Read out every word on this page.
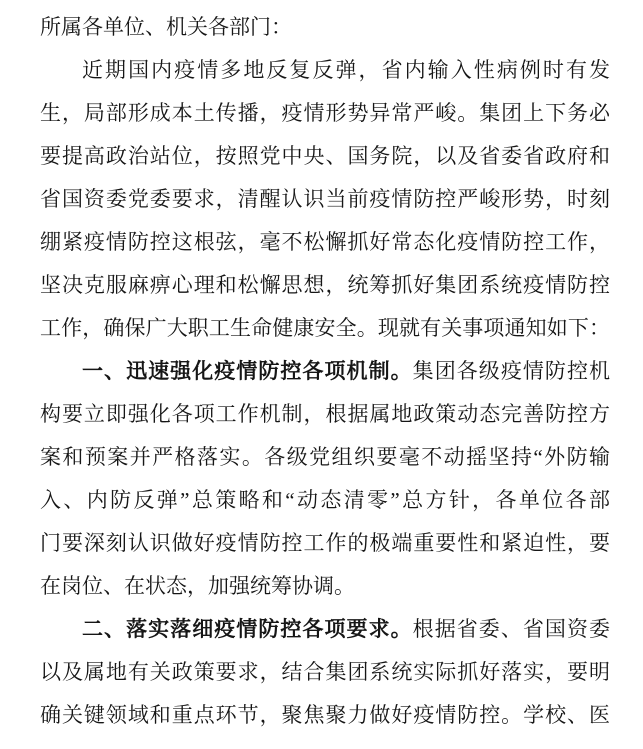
所属各单位、机关各部门：
近期国内疫情多地反复反弹，省内输入性病例时有发
生，局部形成本土传播，疫情形势异常严峻。集团上下务必
要提高政治站位，按照党中央、国务院，以及省委省政府和
省国资委党委要求，清醒认识当前疫情防控严峻形势，时刻
绷紧疫情防控这根弦，毫不松懈抓好常态化疫情防控工作，
坚决克服麻痹心理和松懈思想，统筹抓好集团系统疫情防控
工作，确保广大职工生命健康安全。现就有关事项通知如下：
一、迅速强化疫情防控各项机制。集团各级疫情防控机
构要立即强化各项工作机制，根据属地政策动态完善防控方
案和预案并严格落实。各级党组织要毫不动摇坚持“外防输
入、内防反弹”总策略和“动态清零”总方针，各单位各部
门要深刻认识做好疫情防控工作的极端重要性和紧迫性，要
在岗位、在状态，加强统筹协调。
二、落实落细疫情防控各项要求。根据省委、省国资委
以及属地有关政策要求，结合集团系统实际抓好落实，要明
确关键领域和重点环节，聚焦聚力做好疫情防控。学校、医
